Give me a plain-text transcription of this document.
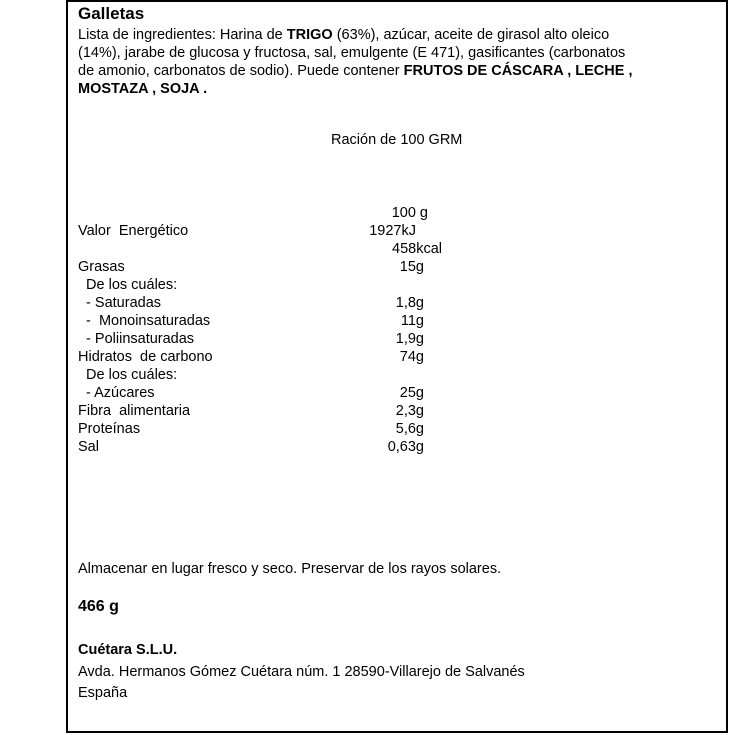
Galletas
Lista de ingredientes: Harina de TRIGO (63%), azúcar, aceite de girasol alto oleico (14%), jarabe de glucosa y fructosa, sal, emulgente (E 471), gasificantes (carbonatos de amonio, carbonatos de sodio). Puede contener FRUTOS DE CÁSCARA , LECHE , MOSTAZA , SOJA .
Ración de 100 GRM
100 g
Valor  Energético	1927kJ
458kcal
Grasas	15g
De los cuáles:
- Saturadas	1,8g
-  Monoinsaturadas	11g
- Poliinsaturadas	1,9g
Hidratos  de carbono	74g
De los cuáles:
- Azúcares	25g
Fibra  alimentaria	2,3g
Proteínas	5,6g
Sal	0,63g
Almacenar en lugar fresco y seco. Preservar de los rayos solares.
466 g
Cuétara S.L.U.
Avda. Hermanos Gómez Cuétara núm. 1 28590-Villarejo de Salvanés
España
